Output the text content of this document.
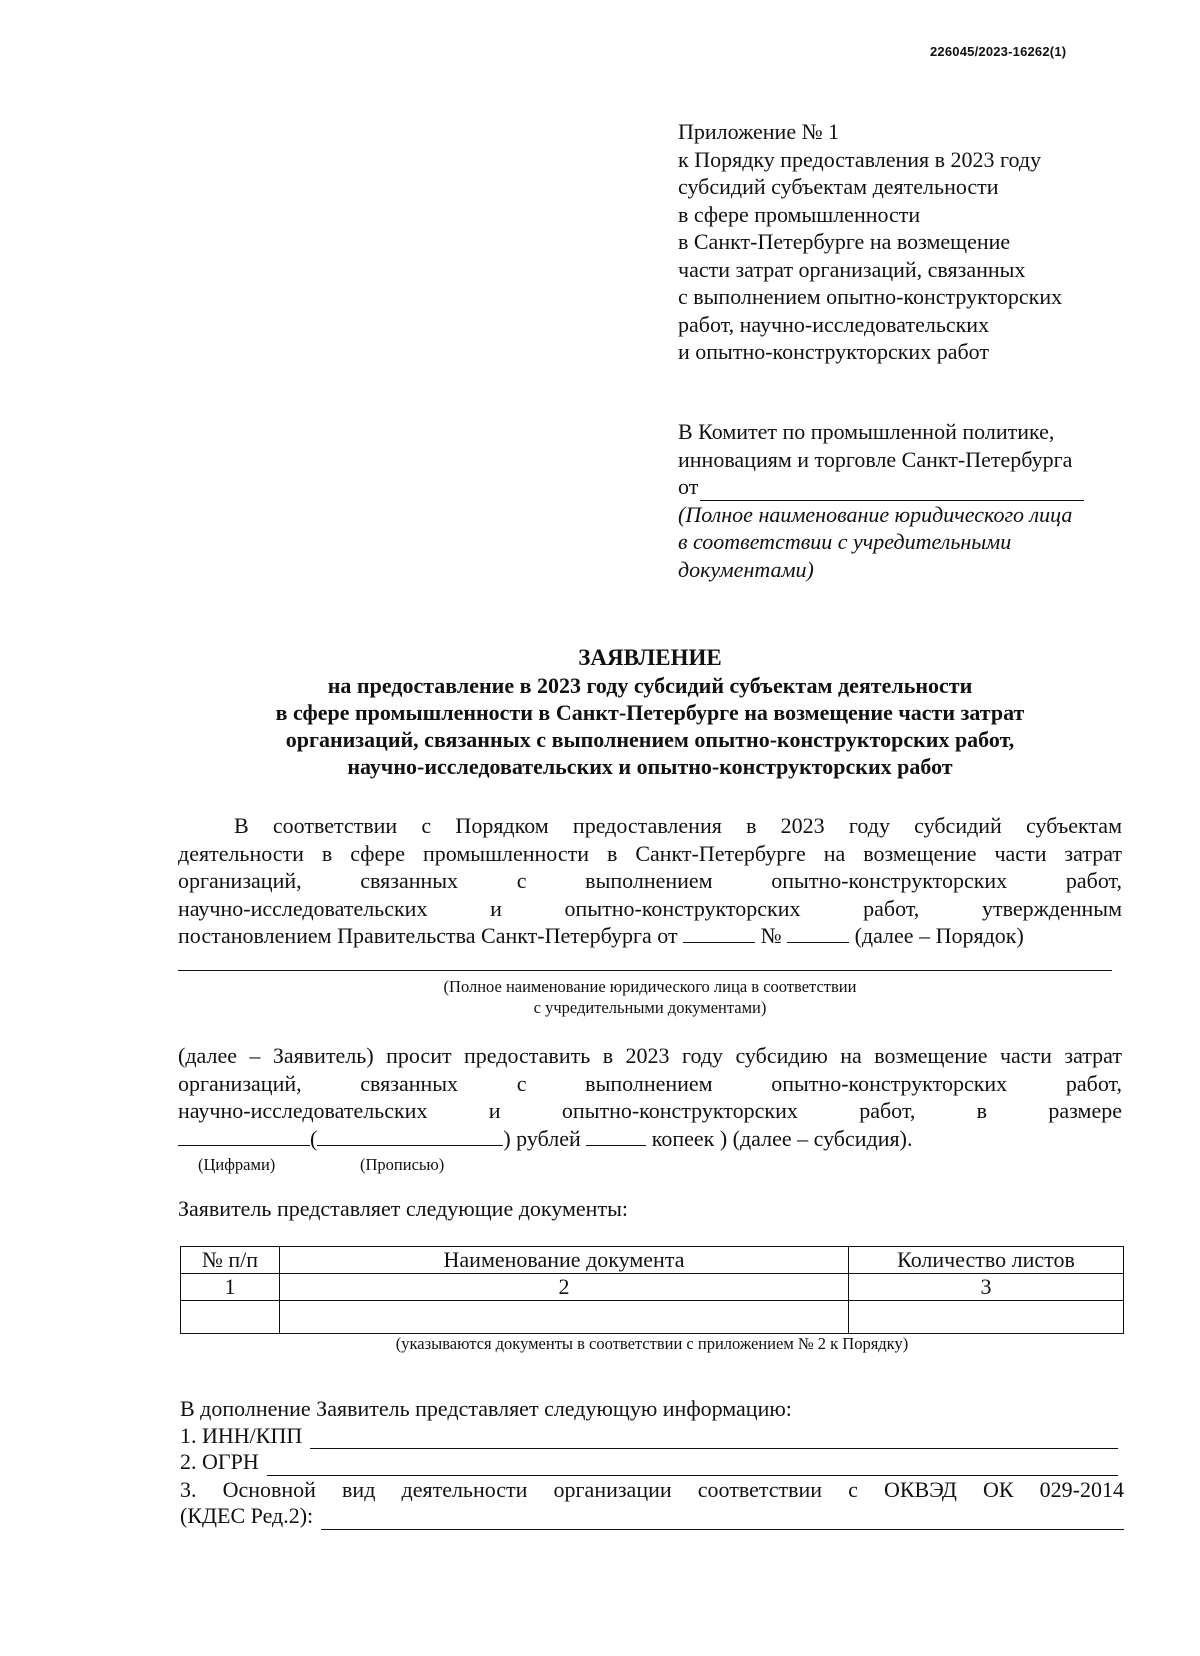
226045/2023-16262(1)
Приложение № 1
к Порядку предоставления в 2023 году
субсидий субъектам деятельности
в сфере промышленности
в Санкт-Петербурге на возмещение
части затрат организаций, связанных
с выполнением опытно-конструкторских
работ, научно-исследовательских
и опытно-конструкторских работ
В Комитет по промышленной политике,
инновациям и торговле Санкт-Петербурга
от
(Полное наименование юридического лица
в соответствии с учредительными
документами)
ЗАЯВЛЕНИЕ
на предоставление в 2023 году субсидий субъектам деятельности
в сфере промышленности в Санкт-Петербурге на возмещение части затрат
организаций, связанных с выполнением опытно-конструкторских работ,
научно-исследовательских и опытно-конструкторских работ
В соответствии с Порядком предоставления в 2023 году субсидий субъектам
деятельности в сфере промышленности в Санкт-Петербурге на возмещение части затрат
организаций, связанных с выполнением опытно-конструкторских работ,
научно-исследовательских и опытно-конструкторских работ, утвержденным
постановлением Правительства Санкт-Петербурга от	№	(далее – Порядок)
(Полное наименование юридического лица в соответствии
с учредительными документами)
(далее – Заявитель) просит предоставить в 2023 году субсидию на возмещение части затрат
организаций, связанных с выполнением опытно-конструкторских работ,
научно-исследовательских и опытно-конструкторских работ, в размере
(	) рублей	копеек ) (далее – субсидия).
(Цифрами)	(Прописью)
Заявитель представляет следующие документы:
№ п/п	Наименование документа	Количество листов
1	2	3

(указываются документы в соответствии с приложением № 2 к Порядку)
В дополнение Заявитель представляет следующую информацию:
1. ИНН/КПП
2. ОГРН
3. Основной вид деятельности организации соответствии с ОКВЭД ОК 029-2014
(КДЕС Ред.2):
